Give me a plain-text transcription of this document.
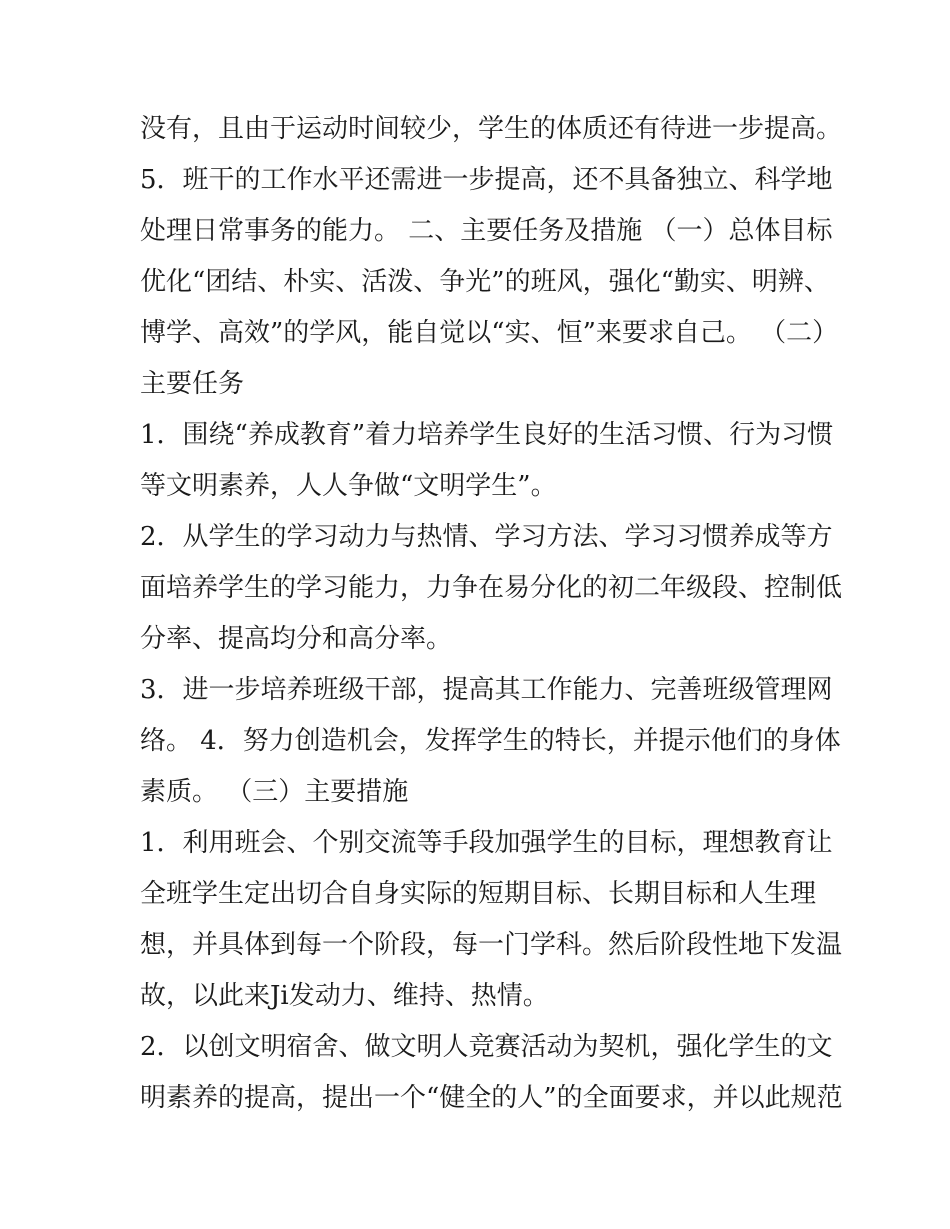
没有，且由于运动时间较少，学生的体质还有待进一步提高。

5．班干的工作水平还需进一步提高，还不具备独立、科学地

处理日常事务的能力。 二、主要任务及措施 （一）总体目标

优化“团结、朴实、活泼、争光”的班风，强化“勤实、明辨、

博学、高效”的学风，能自觉以“实、恒”来要求自己。 （二）

主要任务

1．围绕“养成教育”着力培养学生良好的生活习惯、行为习惯

等文明素养，人人争做“文明学生”。

2．从学生的学习动力与热情、学习方法、学习习惯养成等方

面培养学生的学习能力，力争在易分化的初二年级段、控制低

分率、提高均分和高分率。

3．进一步培养班级干部，提高其工作能力、完善班级管理网

络。 4．努力创造机会，发挥学生的特长，并提示他们的身体

素质。 （三）主要措施

1．利用班会、个别交流等手段加强学生的目标，理想教育让

全班学生定出切合自身实际的短期目标、长期目标和人生理

想，并具体到每一个阶段，每一门学科。然后阶段性地下发温

故，以此来Ji发动力、维持、热情。

2．以创文明宿舍、做文明人竞赛活动为契机，强化学生的文

明素养的提高，提出一个“健全的人”的全面要求，并以此规范
